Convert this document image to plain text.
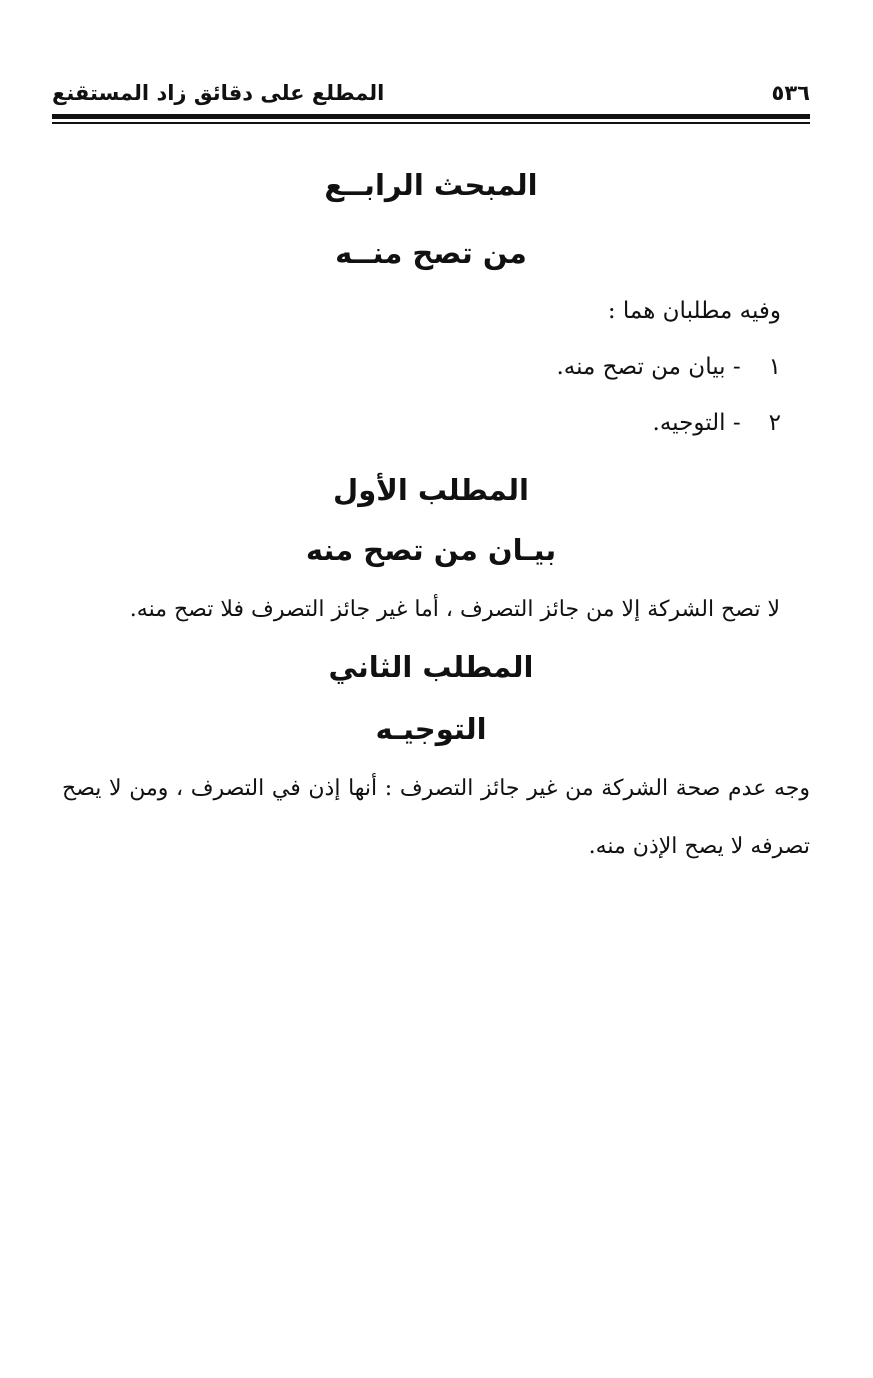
٥٣٦
المطلع على دقائق زاد المستقنع
المبحث الرابــع
من تصح منــه
وفيه مطلبان هما :
١
- بيان من تصح منه.
٢
- التوجيه.
المطلب الأول
بيـان من تصح منه
لا تصح الشركة إلا من جائز التصرف ، أما غير جائز التصرف فلا تصح منه.
المطلب الثاني
التوجيـه
وجه عدم صحة الشركة من غير جائز التصرف : أنها إذن في التصرف ، ومن لا يصح تصرفه لا يصح الإذن منه.
